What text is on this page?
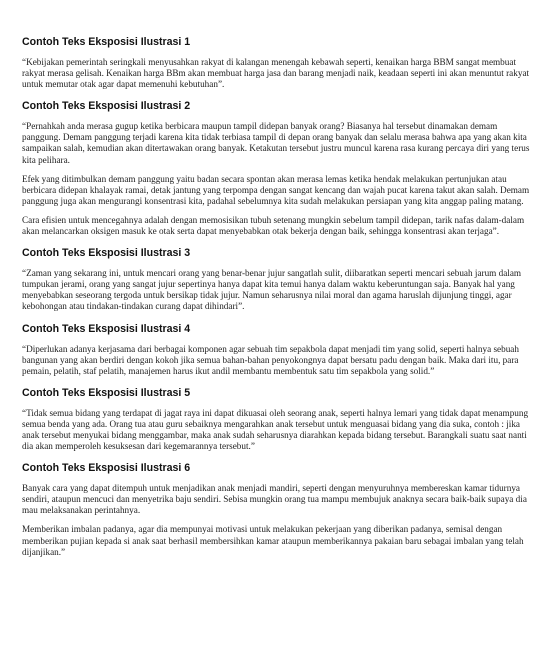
Contoh Teks Eksposisi Ilustrasi 1

“Kebijakan pemerintah seringkali menyusahkan rakyat di kalangan menengah kebawah seperti, kenaikan harga BBM sangat membuat rakyat merasa gelisah. Kenaikan harga BBm akan membuat harga jasa dan barang menjadi naik, keadaan seperti ini akan menuntut rakyat untuk memutar otak agar dapat memenuhi kebutuhan”.

Contoh Teks Eksposisi Ilustrasi 2

“Pernahkah anda merasa gugup ketika berbicara maupun tampil didepan banyak orang? Biasanya hal tersebut dinamakan demam panggung. Demam panggung terjadi karena kita tidak terbiasa tampil di depan orang banyak dan selalu merasa bahwa apa yang akan kita sampaikan salah, kemudian akan ditertawakan orang banyak. Ketakutan tersebut justru muncul karena rasa kurang percaya diri yang terus kita pelihara.

Efek yang ditimbulkan demam panggung yaitu badan secara spontan akan merasa lemas ketika hendak melakukan pertunjukan atau berbicara didepan khalayak ramai, detak jantung yang terpompa dengan sangat kencang dan wajah pucat karena takut akan salah. Demam panggung juga akan mengurangi konsentrasi kita, padahal sebelumnya kita sudah melakukan persiapan yang kita anggap paling matang.

Cara efisien untuk mencegahnya adalah dengan memosisikan tubuh setenang mungkin sebelum tampil didepan, tarik nafas dalam-dalam akan melancarkan oksigen masuk ke otak serta dapat menyebabkan otak bekerja dengan baik, sehingga konsentrasi akan terjaga”.

Contoh Teks Eksposisi Ilustrasi 3

“Zaman yang sekarang ini, untuk mencari orang yang benar-benar jujur sangatlah sulit, diibaratkan seperti mencari sebuah jarum dalam tumpukan jerami, orang yang sangat jujur sepertinya hanya dapat kita temui hanya dalam waktu keberuntungan saja. Banyak hal yang menyebabkan seseorang tergoda untuk bersikap tidak jujur. Namun seharusnya nilai moral dan agama haruslah dijunjung tinggi, agar kebohongan atau tindakan-tindakan curang dapat dihindari”.

Contoh Teks Eksposisi Ilustrasi 4

“Diperlukan adanya kerjasama dari berbagai komponen agar sebuah tim sepakbola dapat menjadi tim yang solid, seperti halnya sebuah bangunan yang akan berdiri dengan kokoh jika semua bahan-bahan penyokongnya dapat bersatu padu dengan baik. Maka dari itu, para pemain, pelatih, staf pelatih, manajemen harus ikut andil membantu membentuk satu tim sepakbola yang solid.”

Contoh Teks Eksposisi Ilustrasi 5

“Tidak semua bidang yang terdapat di jagat raya ini dapat dikuasai oleh seorang anak, seperti halnya lemari yang tidak dapat menampung semua benda yang ada. Orang tua atau guru sebaiknya mengarahkan anak tersebut untuk menguasai bidang yang dia suka, contoh : jika anak tersebut menyukai bidang menggambar, maka anak sudah seharusnya diarahkan kepada bidang tersebut. Barangkali suatu saat nanti dia akan memperoleh kesuksesan dari kegemarannya tersebut.”

Contoh Teks Eksposisi Ilustrasi 6

Banyak cara yang dapat ditempuh untuk menjadikan anak menjadi mandiri, seperti dengan menyuruhnya membereskan kamar tidurnya sendiri, ataupun mencuci dan menyetrika baju sendiri. Sebisa mungkin orang tua mampu membujuk anaknya secara baik-baik supaya dia mau melaksanakan perintahnya.

Memberikan imbalan padanya, agar dia mempunyai motivasi untuk melakukan pekerjaan yang diberikan padanya, semisal dengan memberikan pujian kepada si anak saat berhasil membersihkan kamar ataupun memberikannya pakaian baru sebagai imbalan yang telah dijanjikan.”
